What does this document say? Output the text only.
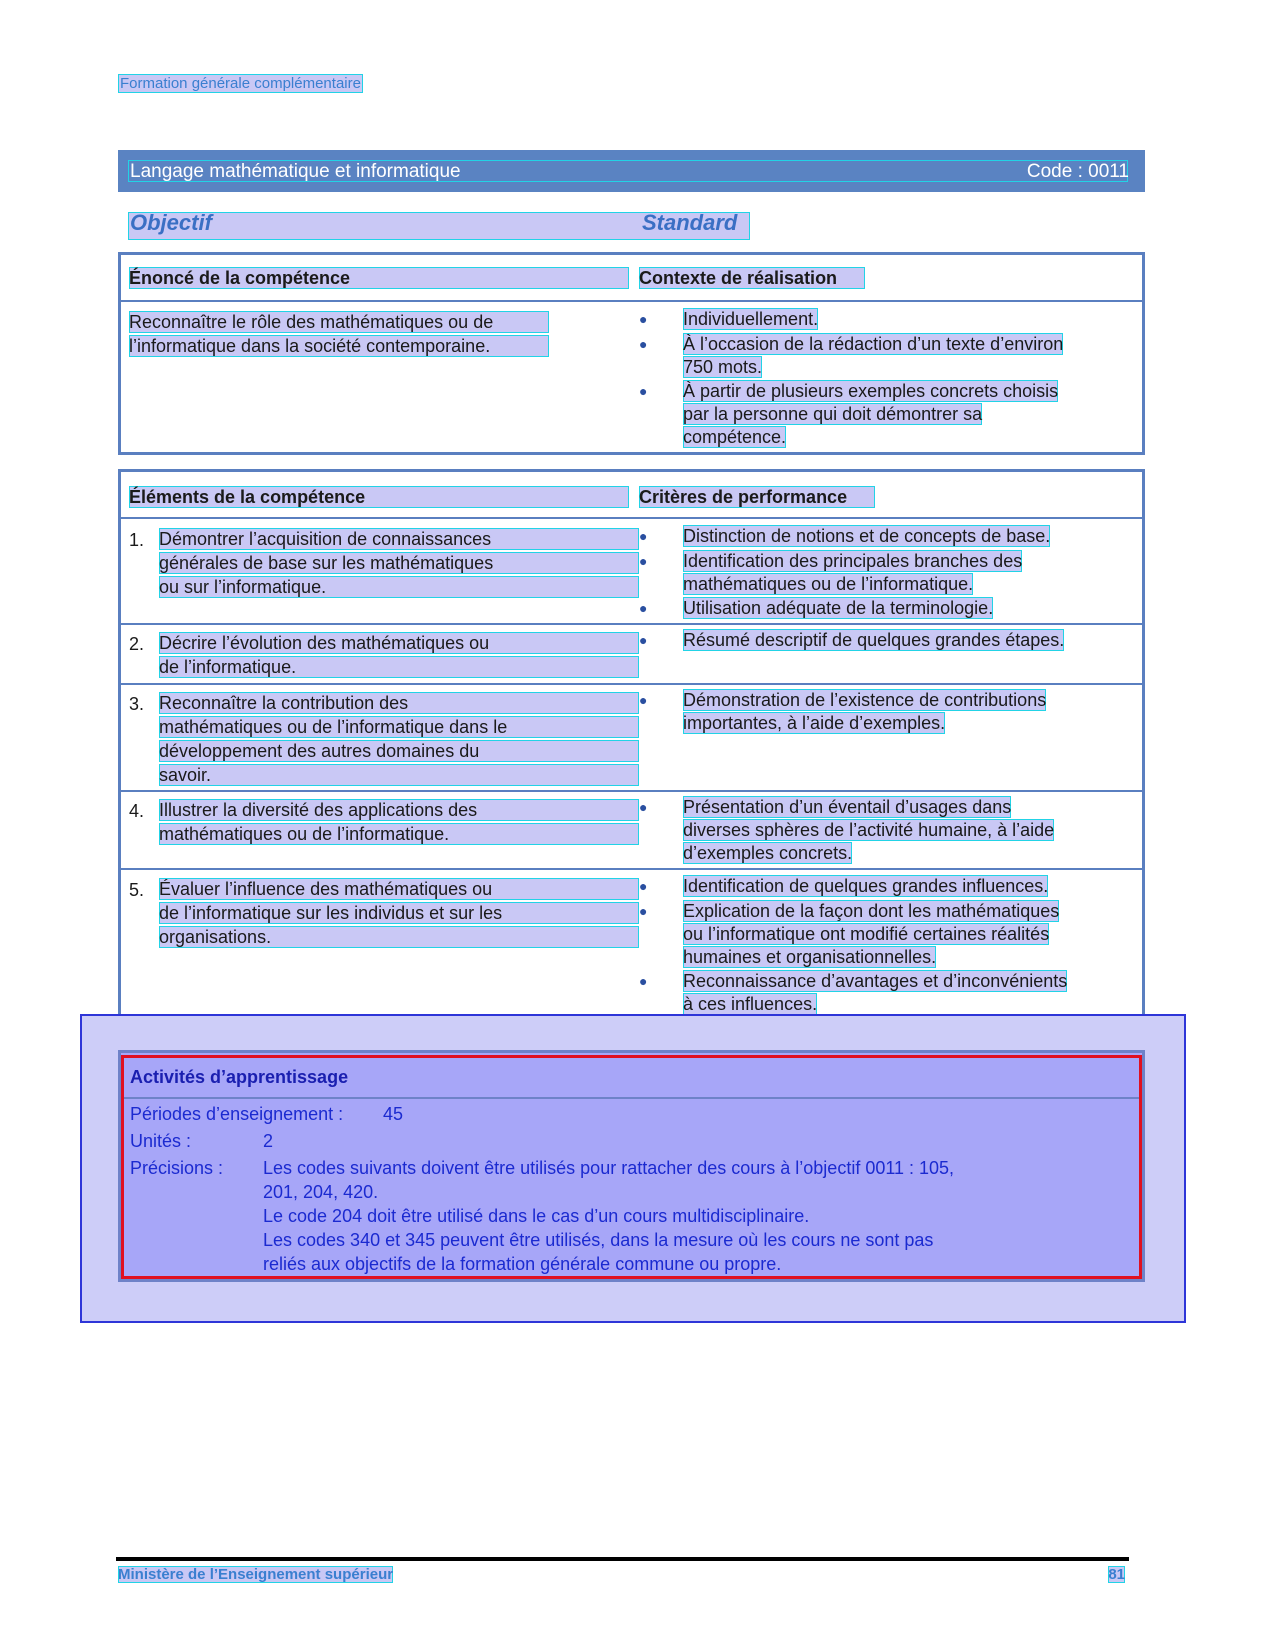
Formation générale complémentaire
Langage mathématique et informatique	Code : 0011
Objectif	Standard
Énoncé de la compétence	Contexte de réalisation
Reconnaître le rôle des mathématiques ou de
l’informatique dans la société contemporaine.
● Individuellement.
● À l’occasion de la rédaction d’un texte d’environ
750 mots.
● À partir de plusieurs exemples concrets choisis
par la personne qui doit démontrer sa
compétence.
Éléments de la compétence	Critères de performance
1. Démontrer l’acquisition de connaissances
générales de base sur les mathématiques
ou sur l’informatique.
● Distinction de notions et de concepts de base.
● Identification des principales branches des
mathématiques ou de l’informatique.
● Utilisation adéquate de la terminologie.
2. Décrire l’évolution des mathématiques ou
de l’informatique.
● Résumé descriptif de quelques grandes étapes.
3. Reconnaître la contribution des
mathématiques ou de l’informatique dans le
développement des autres domaines du
savoir.
● Démonstration de l’existence de contributions
importantes, à l’aide d’exemples.
4. Illustrer la diversité des applications des
mathématiques ou de l’informatique.
● Présentation d’un éventail d’usages dans
diverses sphères de l’activité humaine, à l’aide
d’exemples concrets.
5. Évaluer l’influence des mathématiques ou
de l’informatique sur les individus et sur les
organisations.
● Identification de quelques grandes influences.
● Explication de la façon dont les mathématiques
ou l’informatique ont modifié certaines réalités
humaines et organisationnelles.
● Reconnaissance d’avantages et d’inconvénients
à ces influences.
Activités d’apprentissage
Périodes d’enseignement : 45
Unités :	2
Précisions : Les codes suivants doivent être utilisés pour rattacher des cours à l’objectif 0011 : 105,
201, 204, 420.
Le code 204 doit être utilisé dans le cas d’un cours multidisciplinaire.
Les codes 340 et 345 peuvent être utilisés, dans la mesure où les cours ne sont pas
reliés aux objectifs de la formation générale commune ou propre.
Ministère de l’Enseignement supérieur	81
